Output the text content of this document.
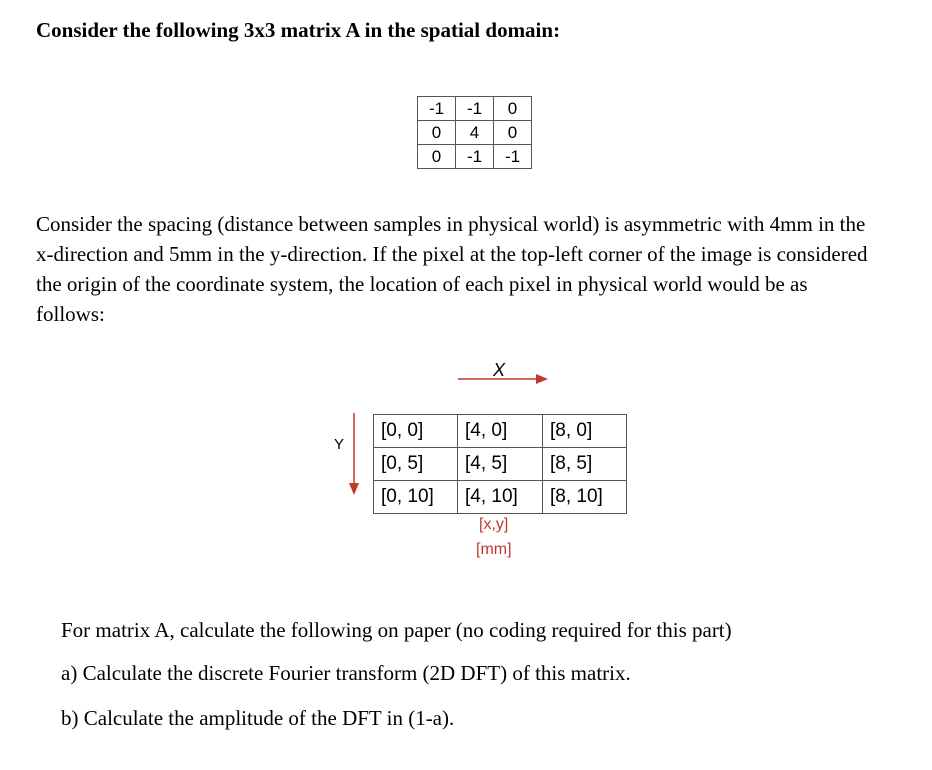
Consider the following 3x3 matrix A in the spatial domain:
-1	-1	0
0	4	0
0	-1	-1
Consider the spacing (distance between samples in physical world) is asymmetric with 4mm in the x-direction and 5mm in the y-direction. If the pixel at the top-left corner of the image is considered the origin of the coordinate system, the location of each pixel in physical world would be as follows:
X
Y
[0, 0]	[4, 0]	[8, 0]
[0, 5]	[4, 5]	[8, 5]
[0, 10]	[4, 10]	[8, 10]
[x,y]
[mm]
For matrix A, calculate the following on paper (no coding required for this part)
a) Calculate the discrete Fourier transform (2D DFT) of this matrix.
b) Calculate the amplitude of the DFT in (1-a).
